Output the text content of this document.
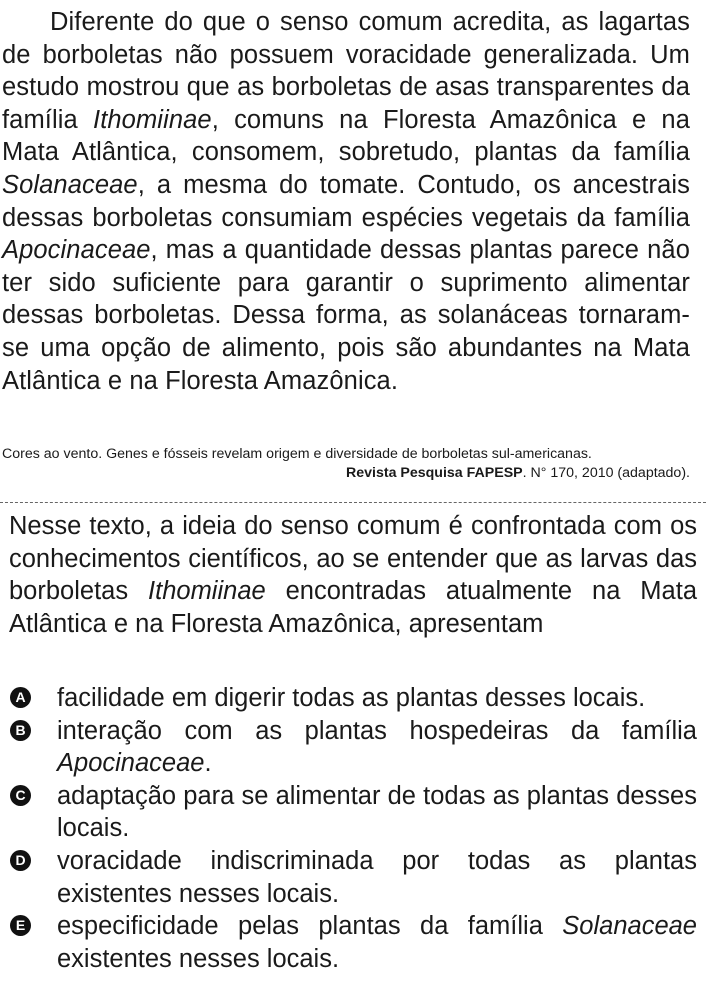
Diferente do que o senso comum acredita, as lagartas de borboletas não possuem voracidade generalizada. Um estudo mostrou que as borboletas de asas transparentes da família Ithomiinae, comuns na Floresta Amazônica e na Mata Atlântica, consomem, sobretudo, plantas da família Solanaceae, a mesma do tomate. Contudo, os ancestrais dessas borboletas consumiam espécies vegetais da família Apocinaceae, mas a quantidade dessas plantas parece não ter sido suficiente para garantir o suprimento alimentar dessas borboletas. Dessa forma, as solanáceas tornaram-se uma opção de alimento, pois são abundantes na Mata Atlântica e na Floresta Amazônica.

Cores ao vento. Genes e fósseis revelam origem e diversidade de borboletas sul-americanas.
Revista Pesquisa FAPESP. N° 170, 2010 (adaptado).

Nesse texto, a ideia do senso comum é confrontada com os conhecimentos científicos, ao se entender que as larvas das borboletas Ithomiinae encontradas atualmente na Mata Atlântica e na Floresta Amazônica, apresentam

A facilidade em digerir todas as plantas desses locais.
B interação com as plantas hospedeiras da família Apocinaceae.
C adaptação para se alimentar de todas as plantas desses locais.
D voracidade indiscriminada por todas as plantas existentes nesses locais.
E especificidade pelas plantas da família Solanaceae existentes nesses locais.
